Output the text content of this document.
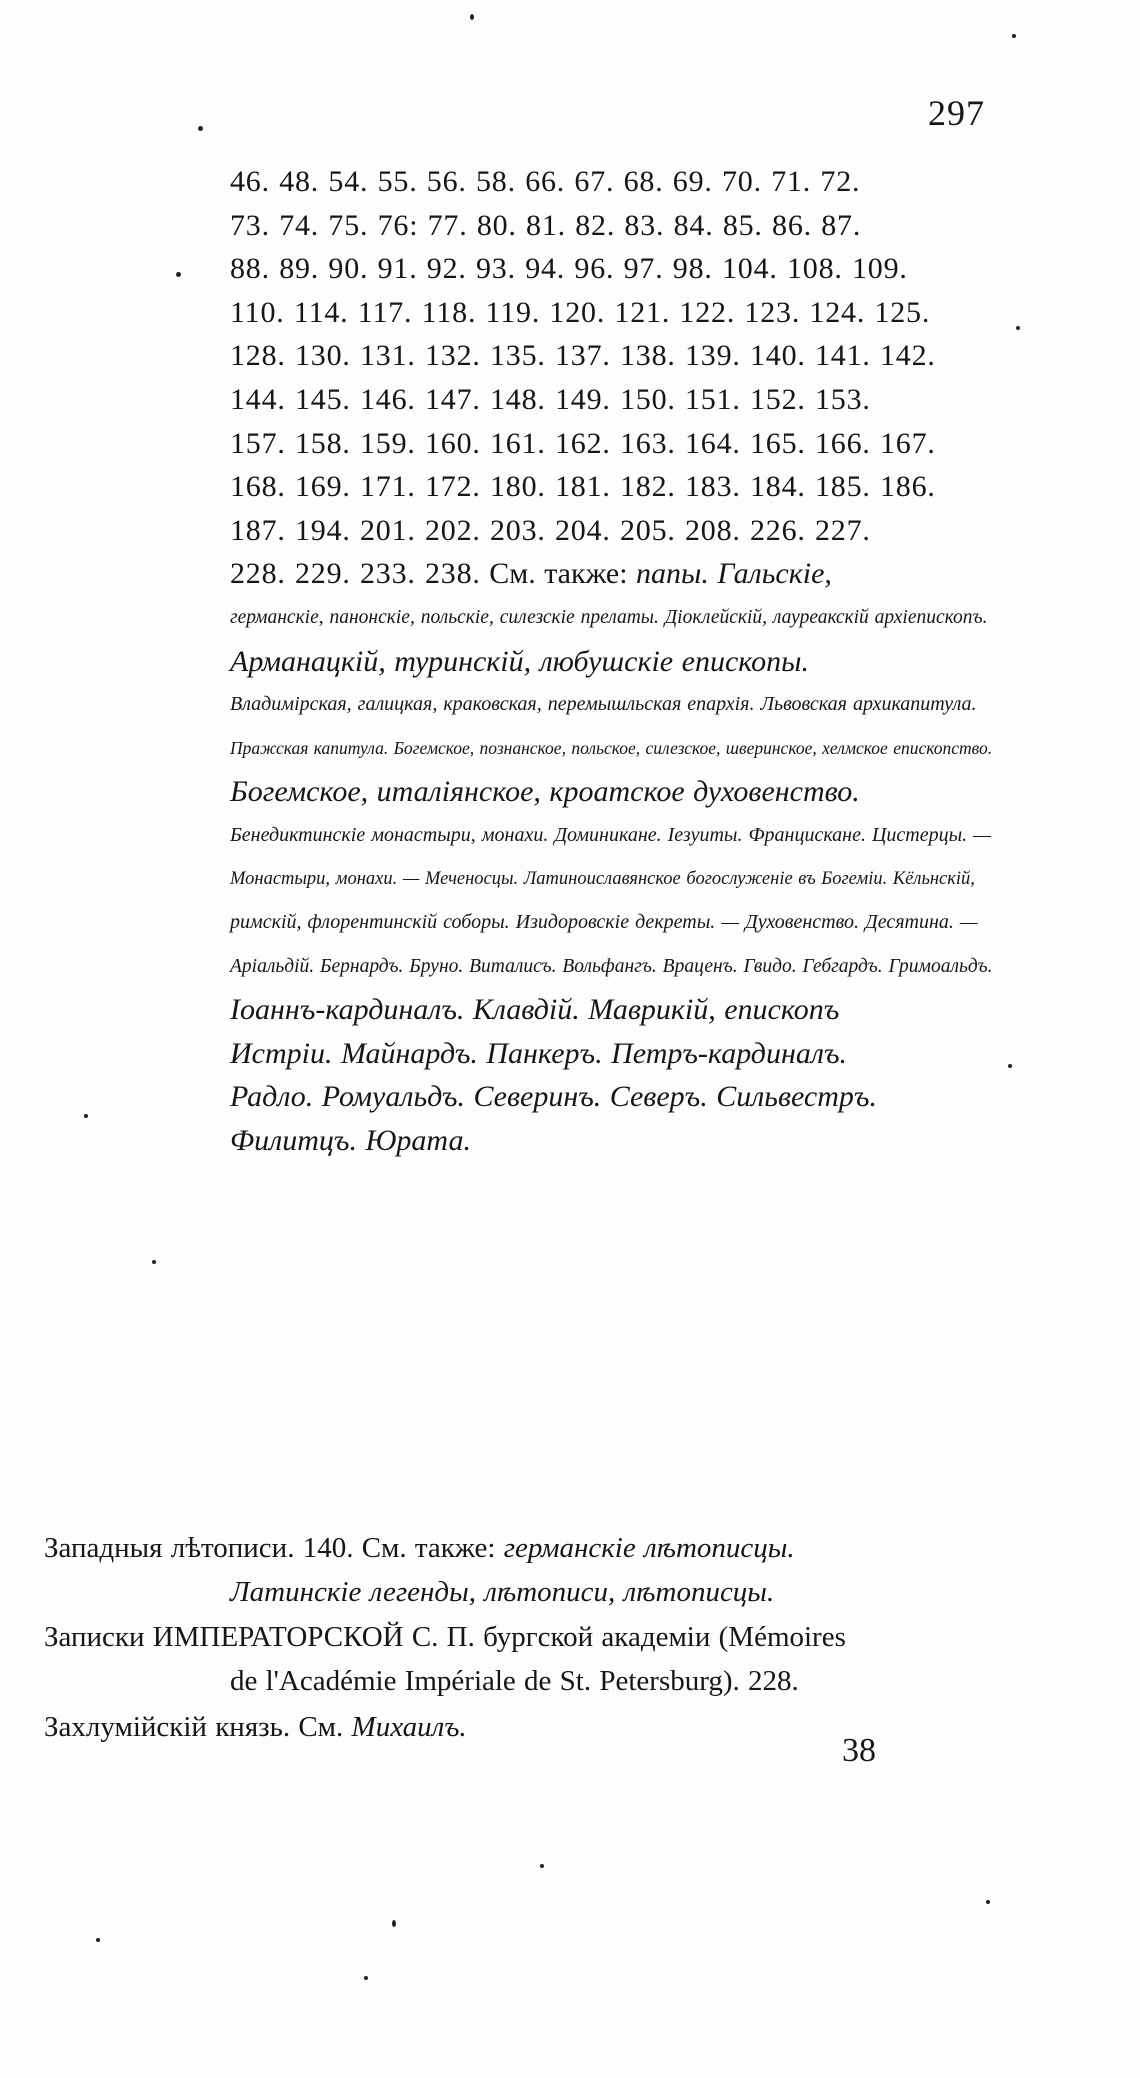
297
46. 48. 54. 55. 56. 58. 66. 67. 68. 69. 70. 71. 72.
73. 74. 75. 76: 77. 80. 81. 82. 83. 84. 85. 86. 87.
88. 89. 90. 91. 92. 93. 94. 96. 97. 98. 104. 108. 109.
110. 114. 117. 118. 119. 120. 121. 122. 123. 124. 125.
128. 130. 131. 132. 135. 137. 138. 139. 140. 141. 142.
144. 145. 146. 147. 148. 149. 150. 151. 152. 153.
157. 158. 159. 160. 161. 162. 163. 164. 165. 166. 167.
168. 169. 171. 172. 180. 181. 182. 183. 184. 185. 186.
187. 194. 201. 202. 203. 204. 205. 208. 226. 227.
228. 229. 233. 238. См. также: папы. Гальскіе,
германскіе, панонскіе, польскіе, силезскіе прелаты. Діоклейскій, лауреакскій архіепископъ.
Арманацкій, туринскій, любушскіе епископы.
Владимірская, галицкая, краковская, перемышльская епархія. Львовская архикапитула.
Пражская капитула. Богемское, познанское, польское, силезское, шверинское, хелмское епископство.
Богемское, италіянское, кроатское духовенство.
Бенедиктинскіе монастыри, монахи. Доминикане. Іезуиты. Францискане. Цистерцы. —
Монастыри, монахи. — Меченосцы. Латиноиславянское богослуженіе въ Богеміи. Кёльнскій,
римскій, флорентинскій соборы. Изидоровскіе декреты. — Духовенство. Десятина. —
Аріальдій. Бернардъ. Бруно. Виталисъ. Вольфангъ. Враценъ. Гвидо. Гебгардъ. Гримоальдъ.
Іоаннъ-кардиналъ. Клавдій. Маврикій, епископъ
Истріи. Майнардъ. Панкеръ. Петръ-кардиналъ.
Радло. Ромуальдъ. Северинъ. Северъ. Сильвестръ.
Филитцъ. Юрата.
Западныя лѣтописи. 140. См. также: германскіе лѣтописцы.
Латинскіе легенды, лѣтописи, лѣтописцы.
Записки ИМПЕРАТОРСКОЙ С. П. бургской академіи (Mémoires
de l'Académie Impériale de St. Petersburg). 228.
Захлумійскій князь. См. Михаилъ.
38
